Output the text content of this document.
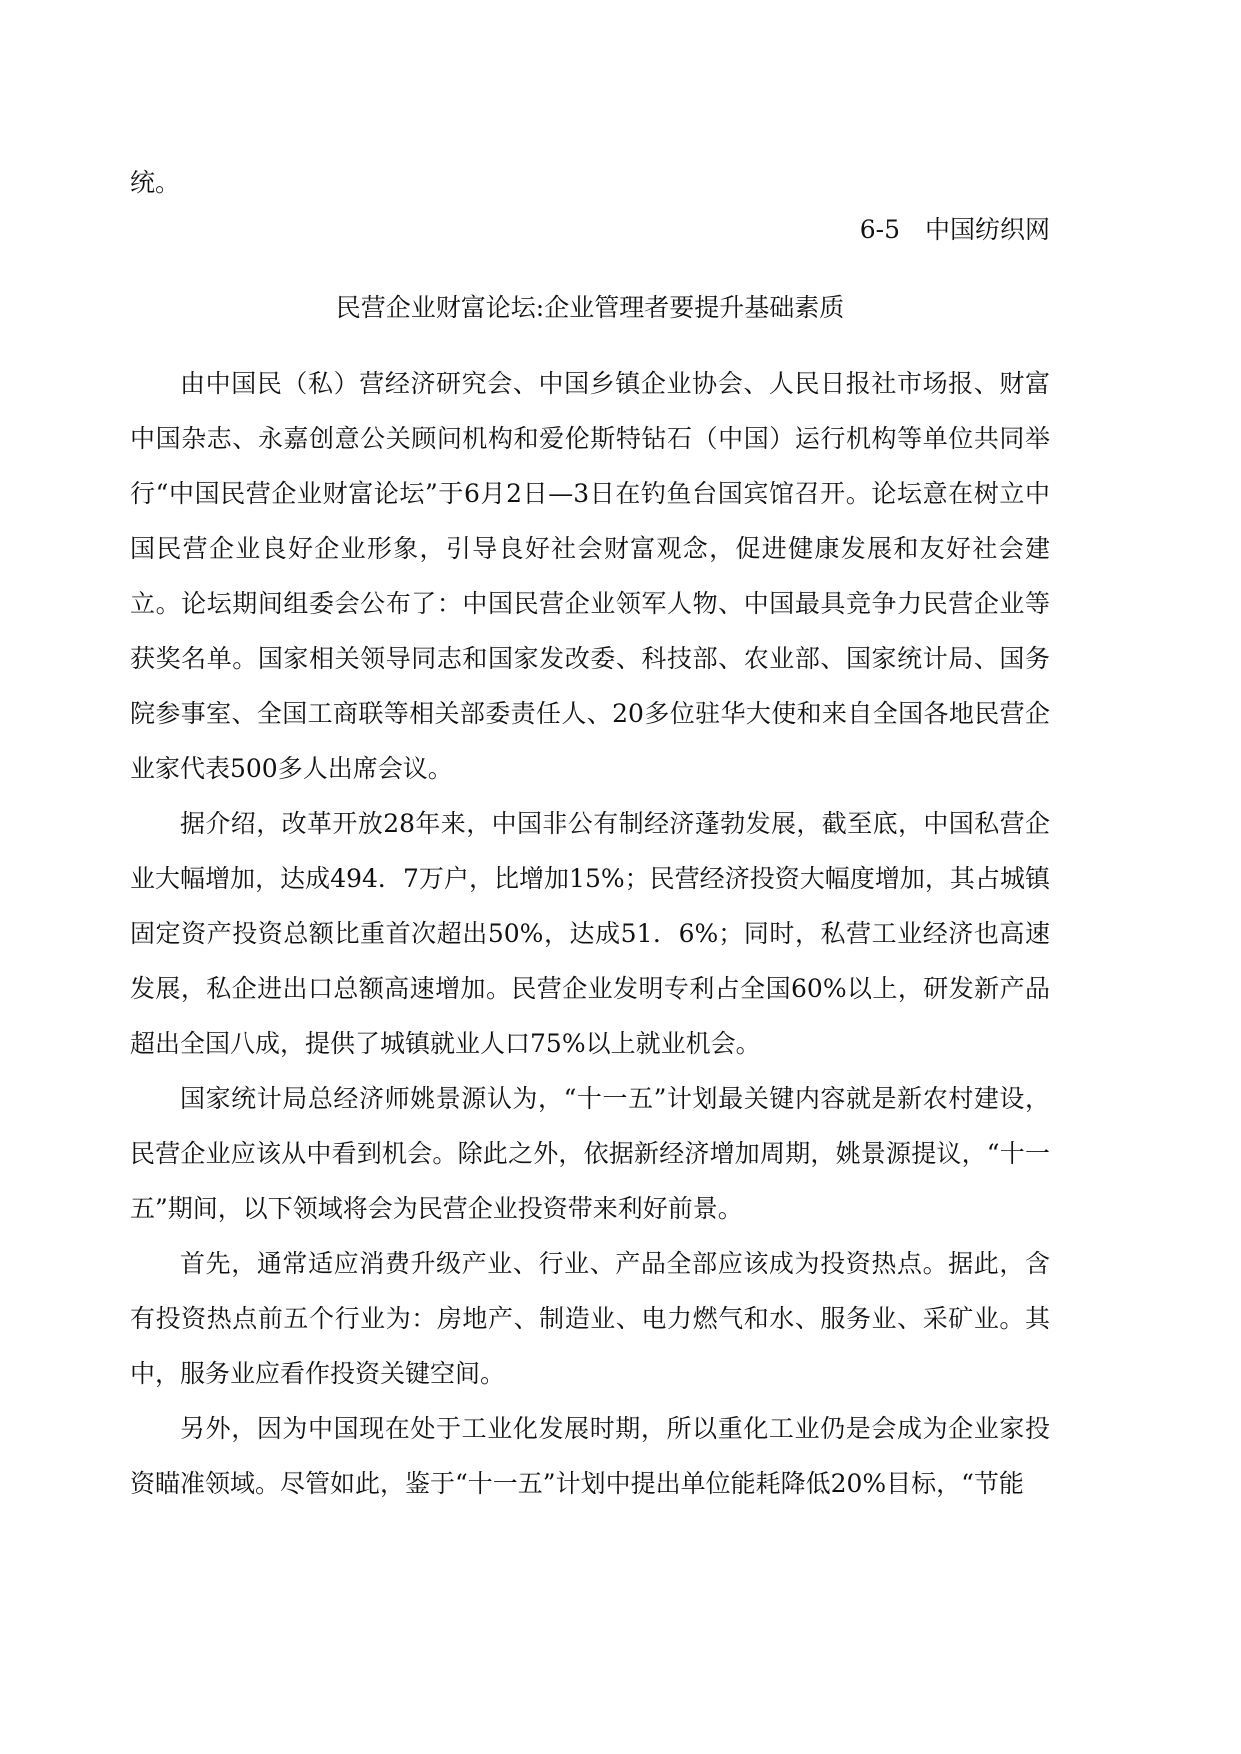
统。
6-5　中国纺织网
民营企业财富论坛:企业管理者要提升基础素质
由中国民（私）营经济研究会、中国乡镇企业协会、人民日报社市场报、财富中国杂志、永嘉创意公关顾问机构和爱伦斯特钻石（中国）运行机构等单位共同举行“中国民营企业财富论坛”于6月2日—3日在钓鱼台国宾馆召开。论坛意在树立中国民营企业良好企业形象，引导良好社会财富观念，促进健康发展和友好社会建立。论坛期间组委会公布了：中国民营企业领军人物、中国最具竞争力民营企业等获奖名单。国家相关领导同志和国家发改委、科技部、农业部、国家统计局、国务院参事室、全国工商联等相关部委责任人、20多位驻华大使和来自全国各地民营企业家代表500多人出席会议。
据介绍，改革开放28年来，中国非公有制经济蓬勃发展，截至底，中国私营企业大幅增加，达成494．7万户，比增加15%；民营经济投资大幅度增加，其占城镇固定资产投资总额比重首次超出50%，达成51．6%；同时，私营工业经济也高速发展，私企进出口总额高速增加。民营企业发明专利占全国60%以上，研发新产品超出全国八成，提供了城镇就业人口75%以上就业机会。
国家统计局总经济师姚景源认为，“十一五”计划最关键内容就是新农村建设，民营企业应该从中看到机会。除此之外，依据新经济增加周期，姚景源提议，“十一五”期间，以下领域将会为民营企业投资带来利好前景。
首先，通常适应消费升级产业、行业、产品全部应该成为投资热点。据此，含有投资热点前五个行业为：房地产、制造业、电力燃气和水、服务业、采矿业。其中，服务业应看作投资关键空间。
另外，因为中国现在处于工业化发展时期，所以重化工业仍是会成为企业家投资瞄准领域。尽管如此，鉴于“十一五”计划中提出单位能耗降低20%目标，“节能
